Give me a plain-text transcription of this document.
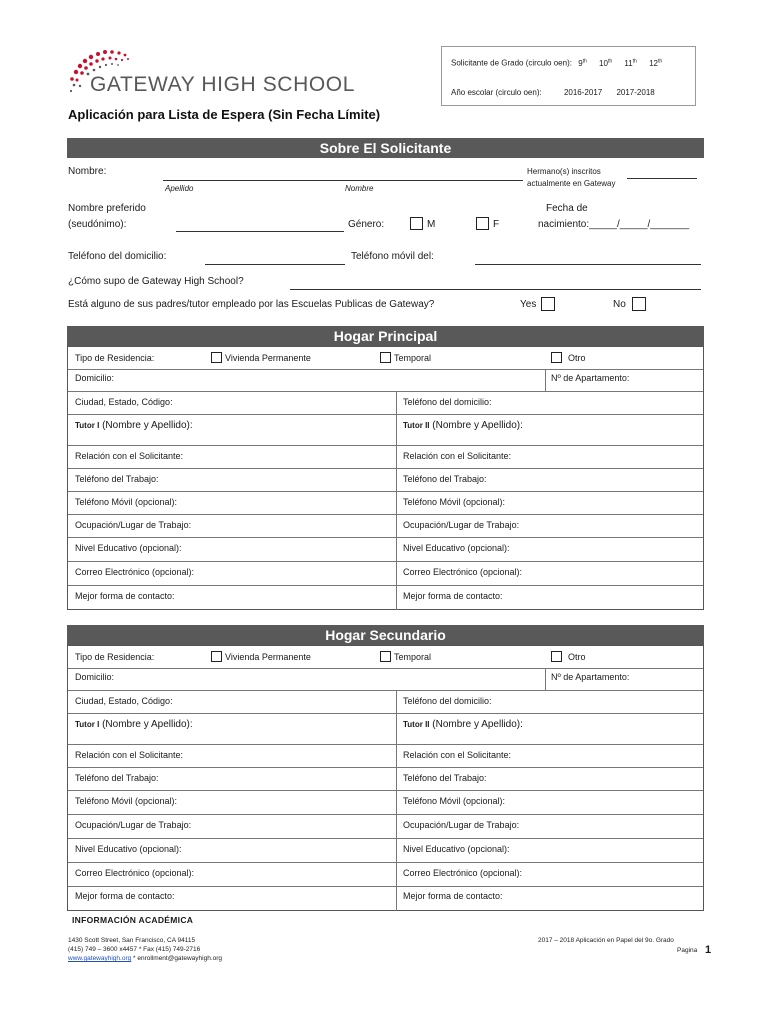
GATEWAY HIGH SCHOOL
Solicitante de Grado (circulo oen): 9th 10th 11th 12th
Año escolar (circulo oen):	2016-2017 2017-2018
Aplicación para Lista de Espera (Sin Fecha Límite)
Sobre El Solicitante
Nombre:
Apellido	Nombre
Hermano(s) inscritos
actualmente en Gateway
Nombre preferido
(seudónimo):	Género:	M	F
Fecha de
nacimiento:_____/_____/_______
Teléfono del domicilio:	Teléfono móvil del:
¿Cómo supo de Gateway High School?
Está alguno de sus padres/tutor empleado por las Escuelas Publicas de Gateway?	Yes	No
Hogar Principal
Tipo de Residencia:	Vivienda Permanente	Temporal	Otro
Domicilio:	Nº de Apartamento:
Ciudad, Estado, Código:	Teléfono del domicilio:
Tutor I (Nombre y Apellido):	Tutor II (Nombre y Apellido):
Relación con el Solicitante:	Relación con el Solicitante:
Teléfono del Trabajo:	Teléfono del Trabajo:
Teléfono Móvil (opcional):	Teléfono Móvil (opcional):
Ocupación/Lugar de Trabajo:	Ocupación/Lugar de Trabajo:
Nivel Educativo (opcional):	Nivel Educativo (opcional):
Correo Electrónico (opcional):	Correo Electrónico (opcional):
Mejor forma de contacto:	Mejor forma de contacto:
Hogar Secundario
Tipo de Residencia:	Vivienda Permanente	Temporal	Otro
Domicilio:	Nº de Apartamento:
Ciudad, Estado, Código:	Teléfono del domicilio:
Tutor I (Nombre y Apellido):	Tutor II (Nombre y Apellido):
Relación con el Solicitante:	Relación con el Solicitante:
Teléfono del Trabajo:	Teléfono del Trabajo:
Teléfono Móvil (opcional):	Teléfono Móvil (opcional):
Ocupación/Lugar de Trabajo:	Ocupación/Lugar de Trabajo:
Nivel Educativo (opcional):	Nivel Educativo (opcional):
Correo Electrónico (opcional):	Correo Electrónico (opcional):
Mejor forma de contacto:	Mejor forma de contacto:
INFORMACIÓN ACADÉMICA
1430 Scott Street, San Francisco, CA 94115
(415) 749 – 3600 x4457 * Fax (415) 749-2716
www.gatewayhigh.org * enrollment@gatewayhigh.org
2017 – 2018 Aplicación en Papel del 9o. Grado
Pagina 1
